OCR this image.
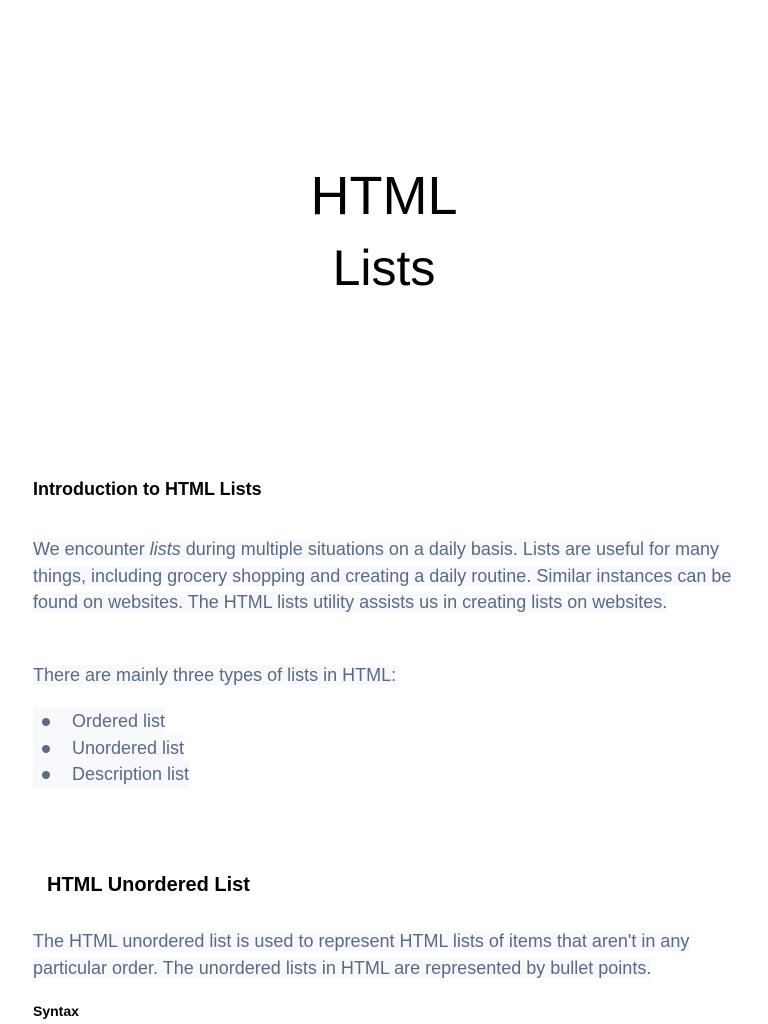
HTML
Lists
Introduction to HTML Lists

We encounter lists during multiple situations on a daily basis. Lists are useful for many things, including grocery shopping and creating a daily routine. Similar instances can be found on websites. The HTML lists utility assists us in creating lists on websites.

There are mainly three types of lists in HTML:

Ordered list

Unordered list

Description list
HTML Unordered List

The HTML unordered list is used to represent HTML lists of items that aren't in any particular order. The unordered lists in HTML are represented by bullet points.

Syntax
